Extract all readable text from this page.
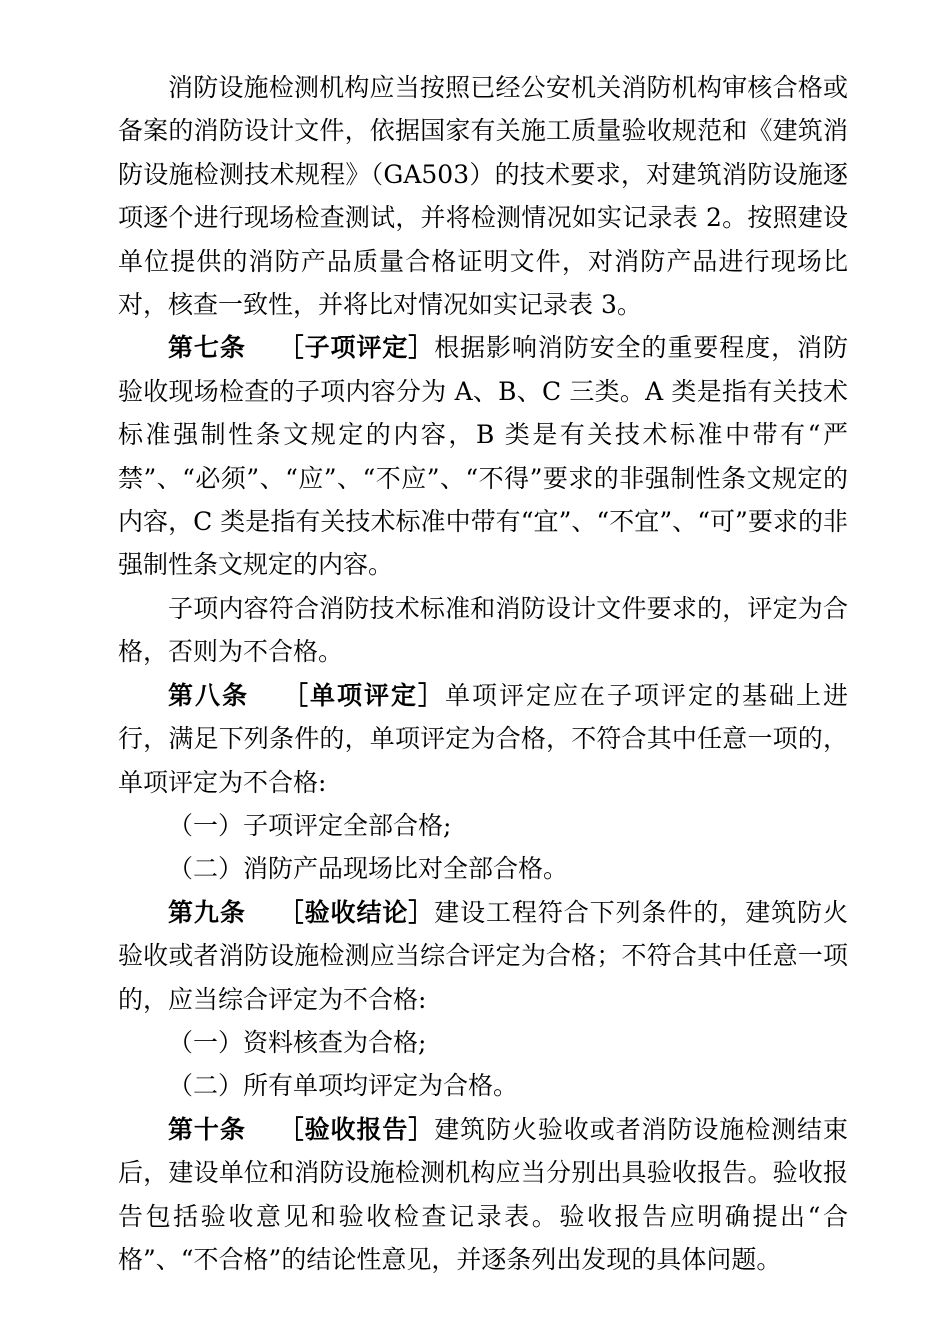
消防设施检测机构应当按照已经公安机关消防机构审核合格或备案的消防设计文件，依据国家有关施工质量验收规范和《建筑消防设施检测技术规程》（GA503）的技术要求，对建筑消防设施逐项逐个进行现场检查测试，并将检测情况如实记录表 2。按照建设单位提供的消防产品质量合格证明文件，对消防产品进行现场比对，核查一致性，并将比对情况如实记录表 3。

第七条 ［子项评定］根据影响消防安全的重要程度，消防验收现场检查的子项内容分为 A、B、C 三类。A 类是指有关技术标准强制性条文规定的内容，B 类是有关技术标准中带有“严禁”、“必须”、“应”、“不应”、“不得”要求的非强制性条文规定的内容，C 类是指有关技术标准中带有“宜”、“不宜”、“可”要求的非强制性条文规定的内容。

子项内容符合消防技术标准和消防设计文件要求的，评定为合格，否则为不合格。

第八条 ［单项评定］单项评定应在子项评定的基础上进行，满足下列条件的，单项评定为合格，不符合其中任意一项的，单项评定为不合格:

（一）子项评定全部合格;

（二）消防产品现场比对全部合格。

第九条 ［验收结论］建设工程符合下列条件的，建筑防火验收或者消防设施检测应当综合评定为合格；不符合其中任意一项的，应当综合评定为不合格:

（一）资料核查为合格;

（二）所有单项均评定为合格。

第十条 ［验收报告］建筑防火验收或者消防设施检测结束后，建设单位和消防设施检测机构应当分别出具验收报告。验收报告包括验收意见和验收检查记录表。验收报告应明确提出“合格”、“不合格”的结论性意见，并逐条列出发现的具体问题。
